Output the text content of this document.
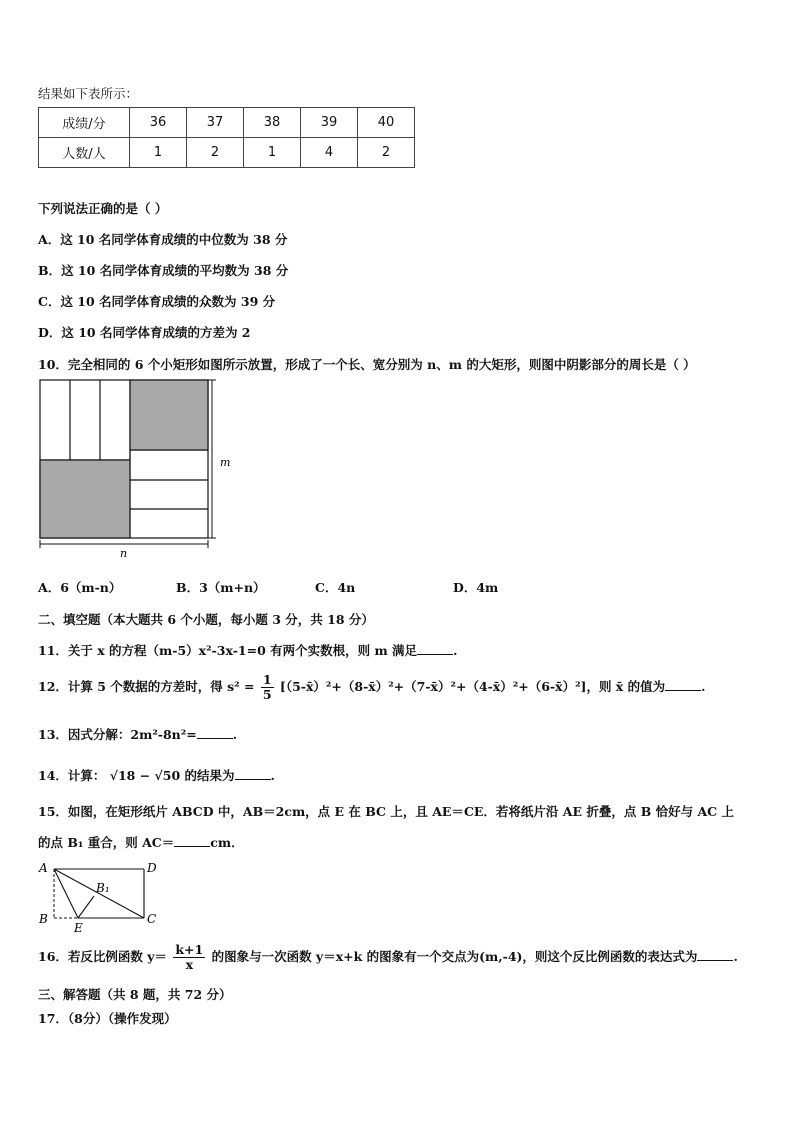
结果如下表所示：
成绩/分	36	37	38	39	40
人数/人	1	2	1	4	2
下列说法正确的是（ ）
A．这 10 名同学体育成绩的中位数为 38 分
B．这 10 名同学体育成绩的平均数为 38 分
C．这 10 名同学体育成绩的众数为 39 分
D．这 10 名同学体育成绩的方差为 2
10．完全相同的 6 个小矩形如图所示放置，形成了一个长、宽分别为 n、m 的大矩形，则图中阴影部分的周长是（ ）
m
n
A．6（m-n）	B．3（m+n）	C．4n	D．4m
二、填空题（本大题共 6 个小题，每小题 3 分，共 18 分）
11．关于 x 的方程（m-5）x²-3x-1=0 有两个实数根，则 m 满足	.
12．计算 5 个数据的方差时，得 $s^2 = \frac{1}{5}$ [（5-x̄）²+（8-x̄）²+（7-x̄）²+（4-x̄）²+（6-x̄）²]，则 x̄ 的值为	.
13．因式分解：2m²-8n²=	.
14．计算： √18 − √50 的结果为	.
15．如图，在矩形纸片 ABCD 中，AB＝2cm，点 E 在 BC 上，且 AE＝CE．若将纸片沿 AE 折叠，点 B 恰好与 AC 上
的点 B₁ 重合，则 AC＝	cm．
A	D
B₁
B	C
E
16．若反比例函数 $y= \frac{k+1}{x}$ 的图象与一次函数 y＝x+k 的图象有一个交点为(m,-4)，则这个反比例函数的表达式为	.
三、解答题（共 8 题，共 72 分）
17．（8分）（操作发现）
